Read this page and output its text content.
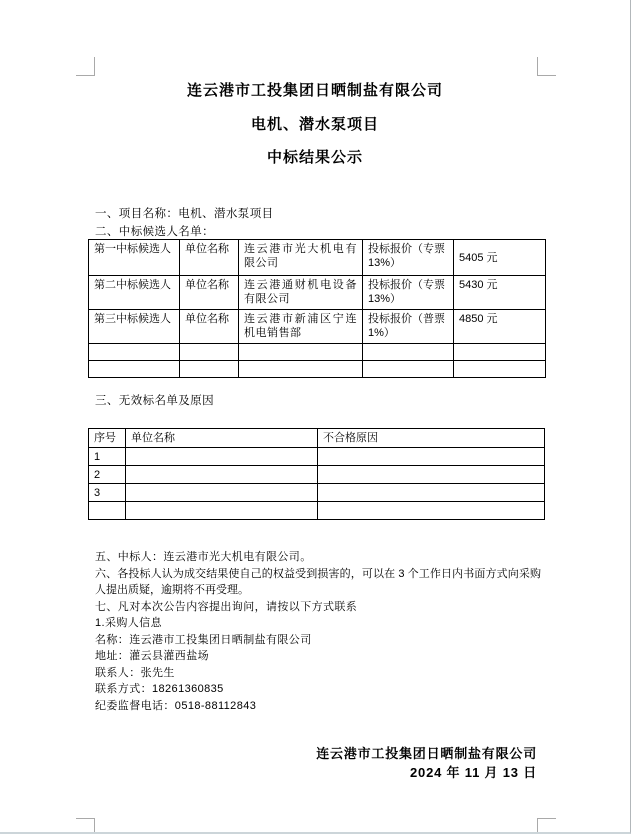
连云港市工投集团日晒制盐有限公司

电机、潜水泵项目

中标结果公示

一、项目名称：电机、潜水泵项目

二、中标候选人名单：

第一中标候选人	单位名称	连云港市光大机电有限公司	投标报价（专票13%）	5405 元
第二中标候选人	单位名称	连云港通财机电设备有限公司	投标报价（专票13%）	5430 元
第三中标候选人	单位名称	连云港市新浦区宁连机电销售部	投标报价（普票1%）	4850 元

三、无效标名单及原因

序号	单位名称	不合格原因
1		
2		
3		

五、中标人：连云港市光大机电有限公司。

六、各投标人认为成交结果使自己的权益受到损害的，可以在 3 个工作日内书面方式向采购人提出质疑，逾期将不再受理。

七、凡对本次公告内容提出询问，请按以下方式联系

1.采购人信息

名称：连云港市工投集团日晒制盐有限公司

地址：灌云县灌西盐场

联系人：张先生

联系方式：18261360835

纪委监督电话：0518-88112843

连云港市工投集团日晒制盐有限公司

2024 年 11 月 13 日
